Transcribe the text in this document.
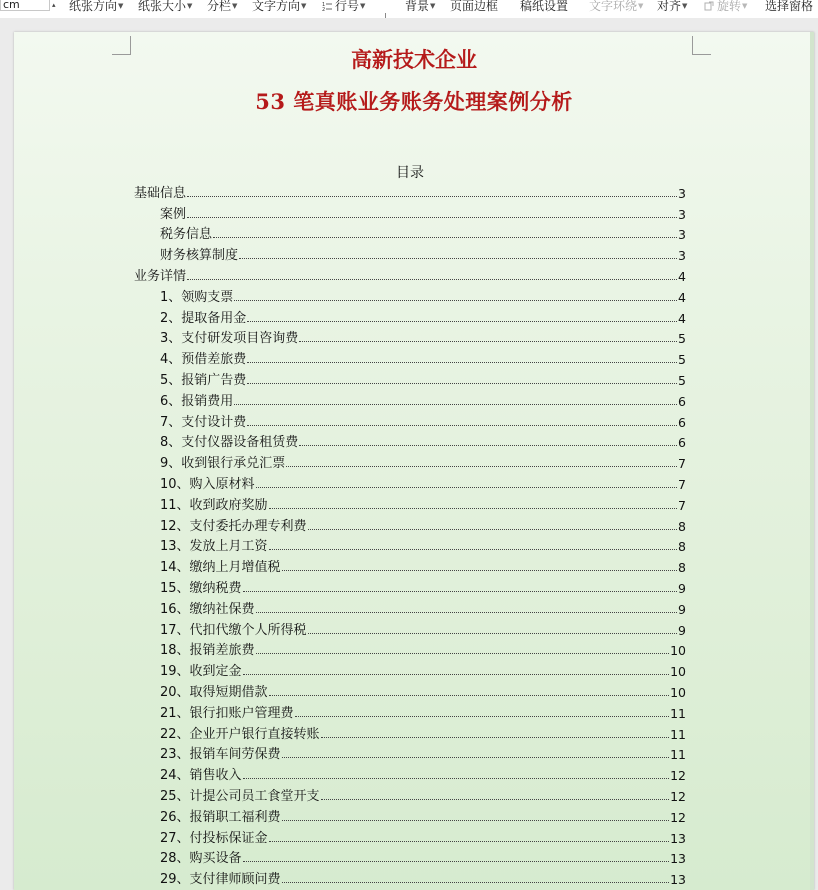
cm	▴ 纸张方向▼ 纸张大小▼ 分栏▼ 文字方向▼	1
2 行号▼	背景▼ 页面边框 稿纸设置 文字环绕▼ 对齐▼	旋转▼ 选择窗格
高新技术企业
53 笔真账业务账务处理案例分析
目录
基础信息	3
案例	3
税务信息	3
财务核算制度	3
业务详情	4
1、领购支票	4
2、提取备用金	4
3、支付研发项目咨询费	5
4、预借差旅费	5
5、报销广告费	5
6、报销费用	6
7、支付设计费	6
8、支付仪器设备租赁费	6
9、收到银行承兑汇票	7
10、购入原材料	7
11、收到政府奖励	7
12、支付委托办理专利费	8
13、发放上月工资	8
14、缴纳上月增值税	8
15、缴纳税费	9
16、缴纳社保费	9
17、代扣代缴个人所得税	9
18、报销差旅费	10
19、收到定金	10
20、取得短期借款	10
21、银行扣账户管理费	11
22、企业开户银行直接转账	11
23、报销车间劳保费	11
24、销售收入	12
25、计提公司员工食堂开支	12
26、报销职工福利费	12
27、付投标保证金	13
28、购买设备	13
29、支付律师顾问费	13
